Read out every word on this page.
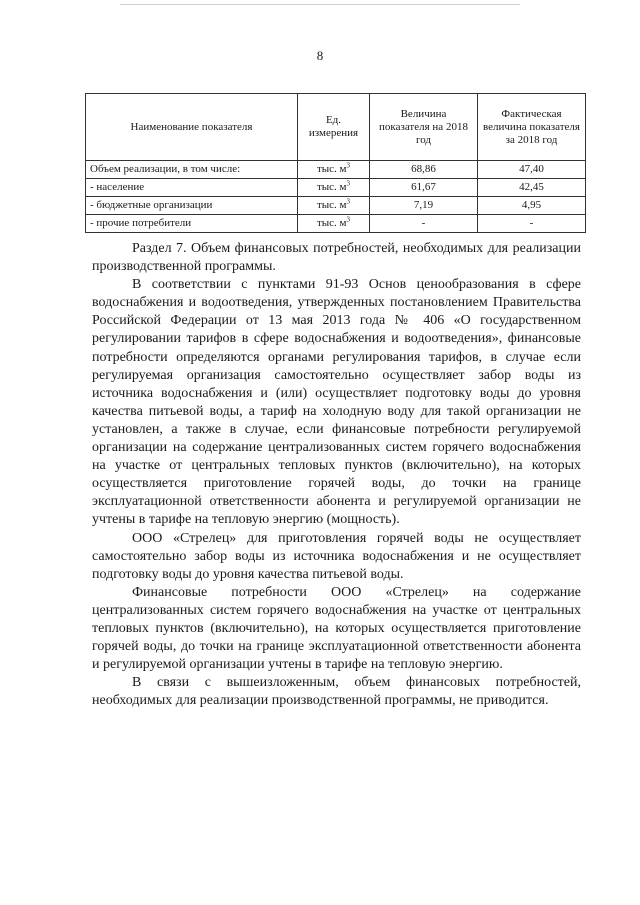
8
Наименование показателя	Ед. измерения	Величина показателя на 2018 год	Фактическая величина показателя за 2018 год
Объем реализации, в том числе:	тыс. $м^3$	68,86	47,40
- население	тыс. $м^3$	61,67	42,45
- бюджетные организации	тыс. $м^3$	7,19	4,95
- прочие потребители	тыс. $м^3$	-	-

Раздел 7. Объем финансовых потребностей, необходимых для реализации производственной программы.

В соответствии с пунктами 91-93 Основ ценообразования в сфере водоснабжения и водоотведения, утвержденных постановлением Правительства Российской Федерации от 13 мая 2013 года № 406 «О государственном регулировании тарифов в сфере водоснабжения и водоотведения», финансовые потребности определяются органами регулирования тарифов, в случае если регулируемая организация самостоятельно осуществляет забор воды из источника водоснабжения и (или) осуществляет подготовку воды до уровня качества питьевой воды, а тариф на холодную воду для такой организации не установлен, а также в случае, если финансовые потребности регулируемой организации на содержание централизованных систем горячего водоснабжения на участке от центральных тепловых пунктов (включительно), на которых осуществляется приготовление горячей воды, до точки на границе эксплуатационной ответственности абонента и регулируемой организации не учтены в тарифе на тепловую энергию (мощность).

ООО «Стрелец» для приготовления горячей воды не осуществляет самостоятельно забор воды из источника водоснабжения и не осуществляет подготовку воды до уровня качества питьевой воды.

Финансовые потребности ООО «Стрелец» на содержание централизованных систем горячего водоснабжения на участке от центральных тепловых пунктов (включительно), на которых осуществляется приготовление горячей воды, до точки на границе эксплуатационной ответственности абонента и регулируемой организации учтены в тарифе на тепловую энергию.

В связи с вышеизложенным, объем финансовых потребностей, необходимых для реализации производственной программы, не приводится.
